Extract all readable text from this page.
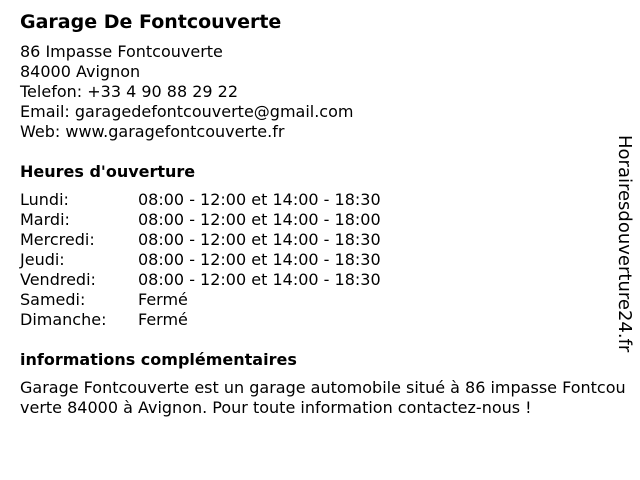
Garage De Fontcouverte
86 Impasse Fontcouverte
84000 Avignon
Telefon: +33 4 90 88 29 22
Email: garagedefontcouverte@gmail.com
Web: www.garagefontcouverte.fr
Heures d'ouverture
Lundi:	08:00 - 12:00 et 14:00 - 18:30
Mardi:	08:00 - 12:00 et 14:00 - 18:00
Mercredi:	08:00 - 12:00 et 14:00 - 18:30
Jeudi:	08:00 - 12:00 et 14:00 - 18:30
Vendredi:	08:00 - 12:00 et 14:00 - 18:30
Samedi:	Fermé
Dimanche:	Fermé
informations complémentaires

Garage Fontcouverte est un garage automobile situé à 86 impasse Fontcouverte 84000 à Avignon. Pour toute information contactez-nous !

Horairesdouverture24.fr
